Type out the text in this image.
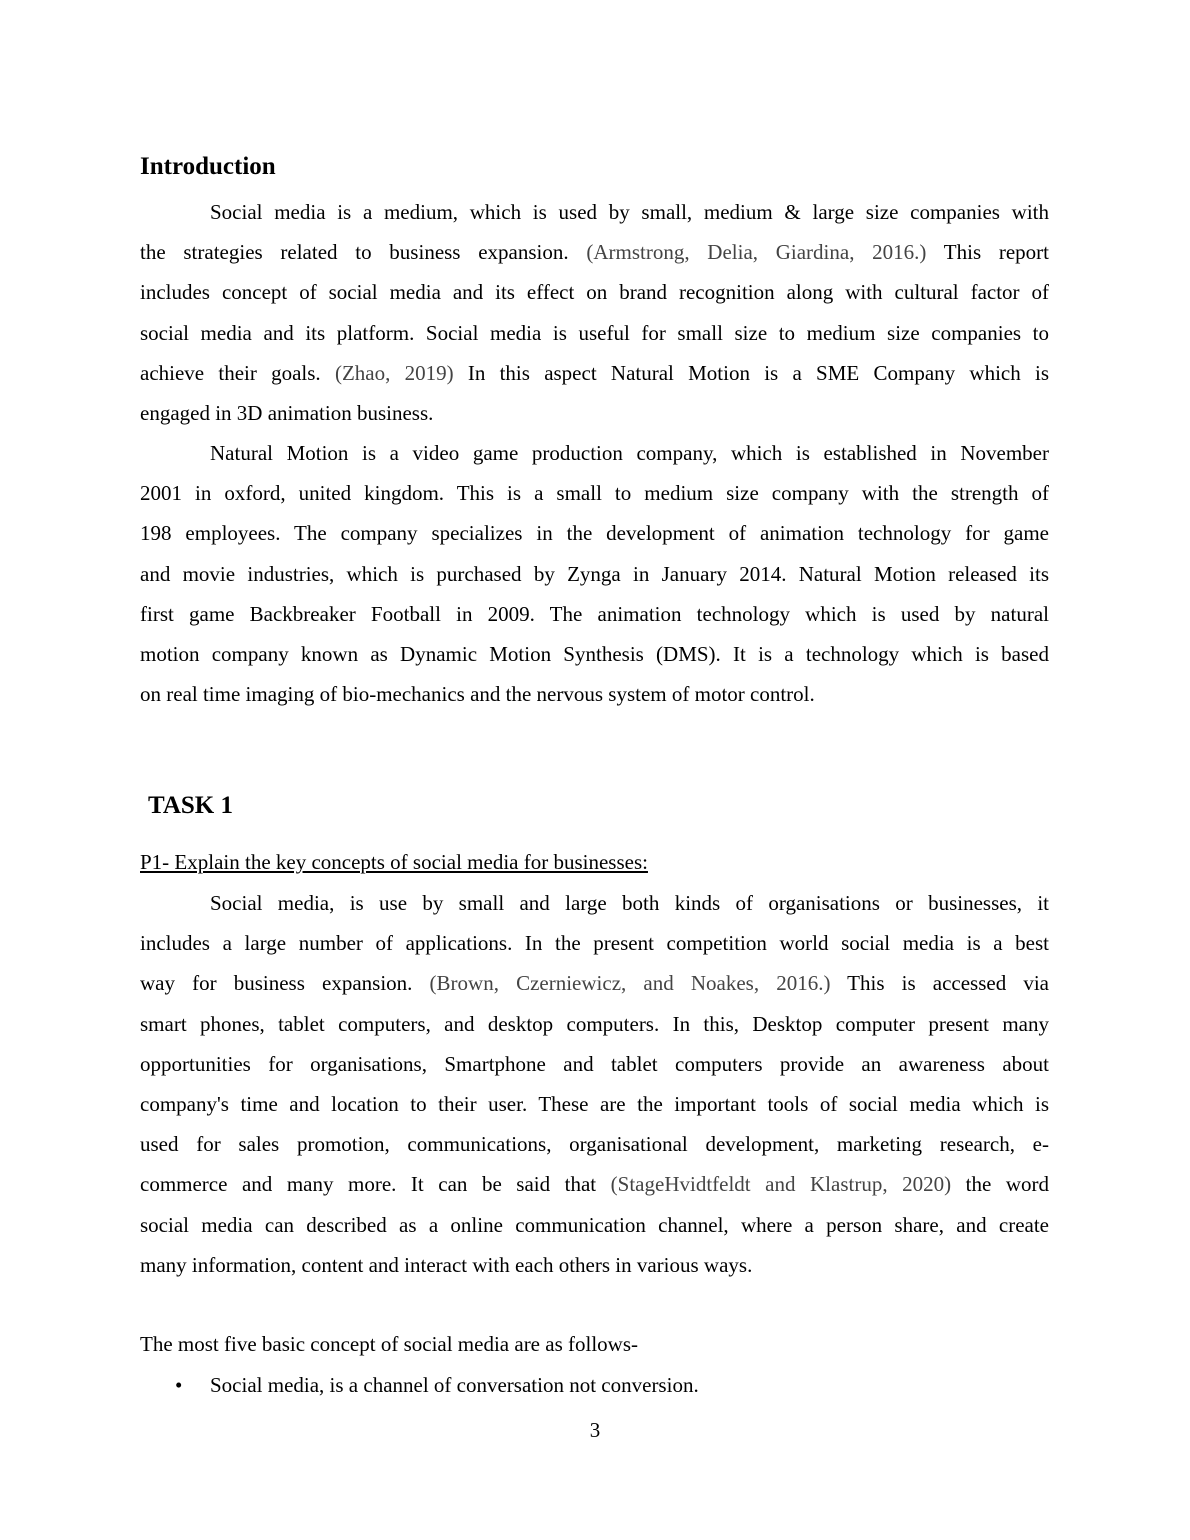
Introduction
Social media is a medium, which is used by small, medium & large size companies with
the strategies related to business expansion. (Armstrong, Delia, Giardina, 2016.) This report
includes concept of social media and its effect on brand recognition along with cultural factor of
social media and its platform. Social media is useful for small size to medium size companies to
achieve their goals. (Zhao, 2019) In this aspect Natural Motion is a SME Company which is
engaged in 3D animation business.
Natural Motion is a video game production company, which is established in November
2001 in oxford, united kingdom. This is a small to medium size company with the strength of
198 employees. The company specializes in the development of animation technology for game
and movie industries, which is purchased by Zynga in January 2014. Natural Motion released its
first game Backbreaker Football in 2009. The animation technology which is used by natural
motion company known as Dynamic Motion Synthesis (DMS). It is a technology which is based
on real time imaging of bio-mechanics and the nervous system of motor control.
TASK 1
P1- Explain the key concepts of social media for businesses:
Social media, is use by small and large both kinds of organisations or businesses, it
includes a large number of applications. In the present competition world social media is a best
way for business expansion. (Brown, Czerniewicz, and Noakes, 2016.) This is accessed via
smart phones, tablet computers, and desktop computers. In this, Desktop computer present many
opportunities for organisations, Smartphone and tablet computers provide an awareness about
company's time and location to their user. These are the important tools of social media which is
used for sales promotion, communications, organisational development, marketing research, e-
commerce and many more. It can be said that (StageHvidtfeldt and Klastrup, 2020) the word
social media can described as a online communication channel, where a person share, and create
many information, content and interact with each others in various ways.
The most five basic concept of social media are as follows-
• Social media, is a channel of conversation not conversion.
3
